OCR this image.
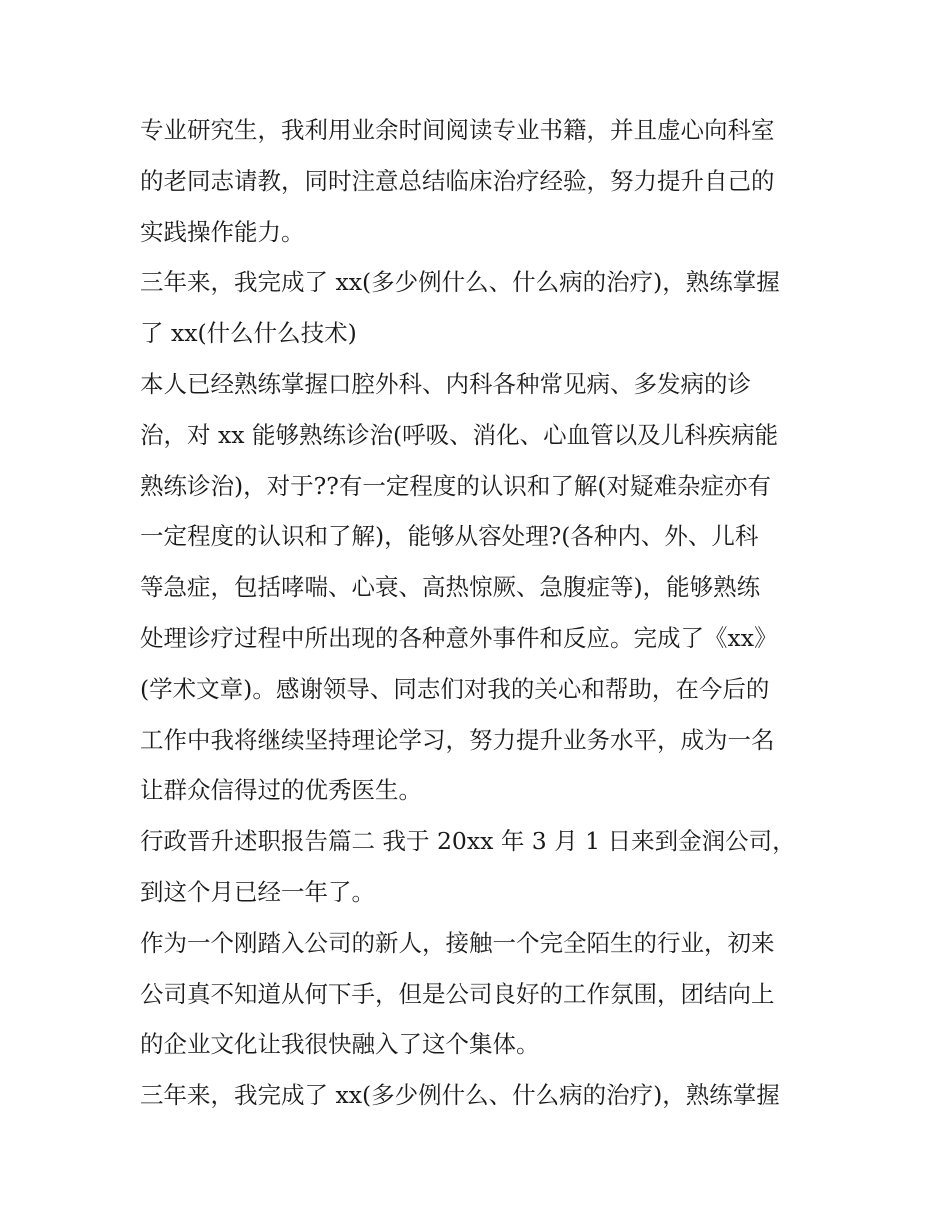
专业研究生，我利用业余时间阅读专业书籍，并且虚心向科室
的老同志请教，同时注意总结临床治疗经验，努力提升自己的
实践操作能力。
三年来，我完成了 xx(多少例什么、什么病的治疗)，熟练掌握
了 xx(什么什么技术)
本人已经熟练掌握口腔外科、内科各种常见病、多发病的诊
治，对 xx 能够熟练诊治(呼吸、消化、心血管以及儿科疾病能
熟练诊治)，对于??有一定程度的认识和了解(对疑难杂症亦有
一定程度的认识和了解)，能够从容处理?(各种内、外、儿科
等急症，包括哮喘、心衰、高热惊厥、急腹症等)，能够熟练
处理诊疗过程中所出现的各种意外事件和反应。完成了《xx》
(学术文章)。感谢领导、同志们对我的关心和帮助，在今后的
工作中我将继续坚持理论学习，努力提升业务水平，成为一名
让群众信得过的优秀医生。
行政晋升述职报告篇二 我于 20xx 年 3 月 1 日来到金润公司，
到这个月已经一年了。
作为一个刚踏入公司的新人，接触一个完全陌生的行业，初来
公司真不知道从何下手，但是公司良好的工作氛围，团结向上
的企业文化让我很快融入了这个集体。
三年来，我完成了 xx(多少例什么、什么病的治疗)，熟练掌握
